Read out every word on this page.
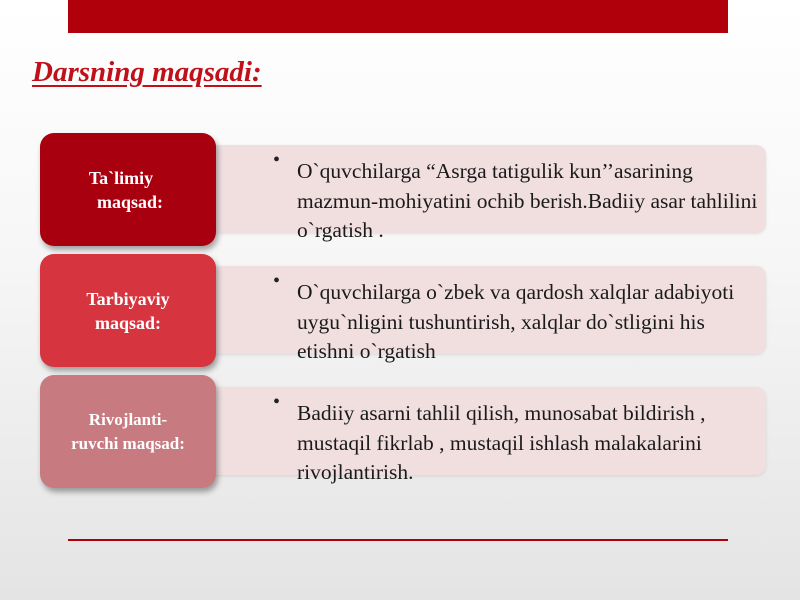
Darsning maqsadi:
• O`quvchilarga “Asrga tatigulik kun’’asarining mazmun-mohiyatini ochib berish.Badiiy asar tahlilini o`rgatish .
Ta`limiy
maqsad:
• O`quvchilarga o`zbek va qardosh xalqlar adabiyoti uygu`nligini tushuntirish, xalqlar do`stligini his etishni o`rgatish
Tarbiyaviy
maqsad:
• Badiiy asarni tahlil qilish, munosabat bildirish , mustaqil fikrlab , mustaqil ishlash malakalarini rivojlantirish.
Rivojlanti-
ruvchi maqsad:
